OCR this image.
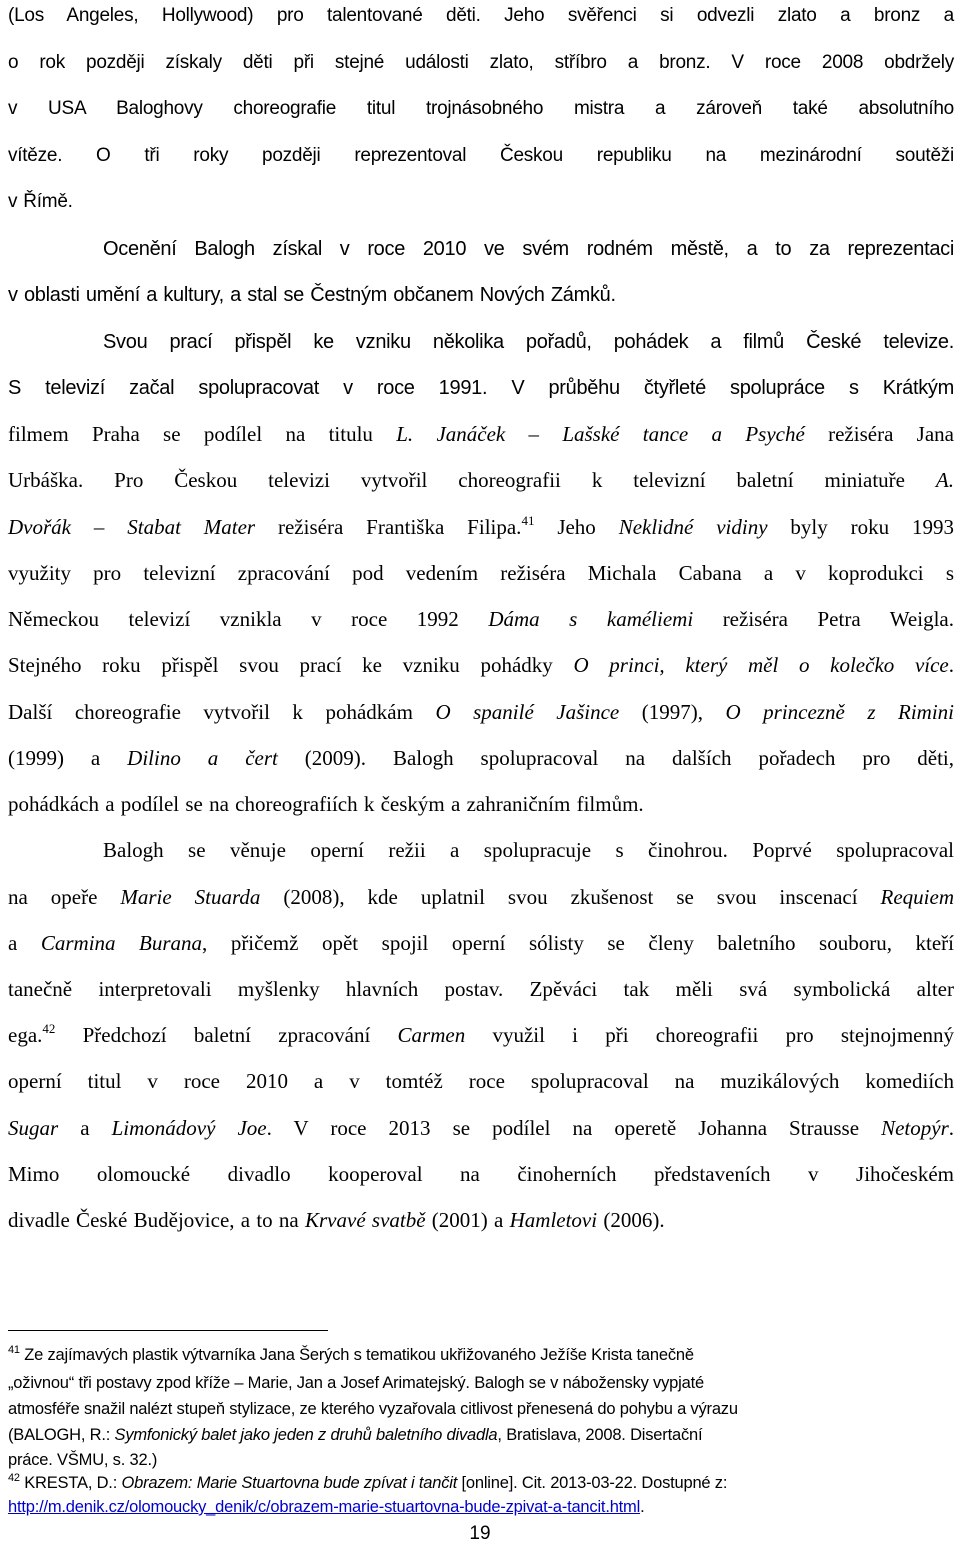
(Los Angeles, Hollywood) pro talentované děti. Jeho svěřenci si odvezli zlato a bronz a
o rok později získaly děti při stejné události zlato, stříbro a bronz. V roce 2008 obdržely
v USA Baloghovy choreografie titul trojnásobného mistra a zároveň také absolutního
vítěze. O tři roky později reprezentoval Českou republiku na mezinárodní soutěži
v Římě.
Ocenění Balogh získal v roce 2010 ve svém rodném městě, a to za reprezentaci
v oblasti umění a kultury, a stal se Čestným občanem Nových Zámků.
Svou prací přispěl ke vzniku několika pořadů, pohádek a filmů České televize.
S televizí začal spolupracovat v roce 1991. V průběhu čtyřleté spolupráce s Krátkým
filmem Praha se podílel na titulu L. Janáček – Lašské tance a Psyché režiséra Jana
Urbáška. Pro Českou televizi vytvořil choreografii k televizní baletní miniatuře A.
Dvořák – Stabat Mater režiséra Františka Filipa.$^{41}$ Jeho Neklidné vidiny byly roku 1993
využity pro televizní zpracování pod vedením režiséra Michala Cabana a v koprodukci s
Německou televizí vznikla v roce 1992 Dáma s kaméliemi režiséra Petra Weigla.
Stejného roku přispěl svou prací ke vzniku pohádky O princi, který měl o kolečko více.
Další choreografie vytvořil k pohádkám O spanilé Jašince (1997), O princezně z Rimini
(1999) a Dilino a čert (2009). Balogh spolupracoval na dalších pořadech pro děti,
pohádkách a podílel se na choreografiích k českým a zahraničním filmům.
Balogh se věnuje operní režii a spolupracuje s činohrou. Poprvé spolupracoval
na opeře Marie Stuarda (2008), kde uplatnil svou zkušenost se svou inscenací Requiem
a Carmina Burana, přičemž opět spojil operní sólisty se členy baletního souboru, kteří
tanečně interpretovali myšlenky hlavních postav. Zpěváci tak měli svá symbolická alter
ega.$^{42}$ Předchozí baletní zpracování Carmen využil i při choreografii pro stejnojmenný
operní titul v roce 2010 a v tomtéž roce spolupracoval na muzikálových komediích
Sugar a Limonádový Joe. V roce 2013 se podílel na operetě Johanna Strausse Netopýr.
Mimo olomoucké divadlo kooperoval na činoherních představeních v Jihočeském
divadle České Budějovice, a to na Krvavé svatbě (2001) a Hamletovi (2006).
$^{41}$ Ze zajímavých plastik výtvarníka Jana Šerých s tematikou ukřižovaného Ježíše Krista tanečně
„oživnou“ tři postavy zpod kříže – Marie, Jan a Josef Arimatejský. Balogh se v nábožensky vypjaté
atmosféře snažil nalézt stupeň stylizace, ze kterého vyzařovala citlivost přenesená do pohybu a výrazu
(BALOGH, R.: Symfonický balet jako jeden z druhů baletního divadla, Bratislava, 2008. Disertační
práce. VŠMU, s. 32.)
$^{42}$ KRESTA, D.: Obrazem: Marie Stuartovna bude zpívat i tančit [online]. Cit. 2013-03-22. Dostupné z:
http://m.denik.cz/olomoucky_denik/c/obrazem-marie-stuartovna-bude-zpivat-a-tancit.html.
19
